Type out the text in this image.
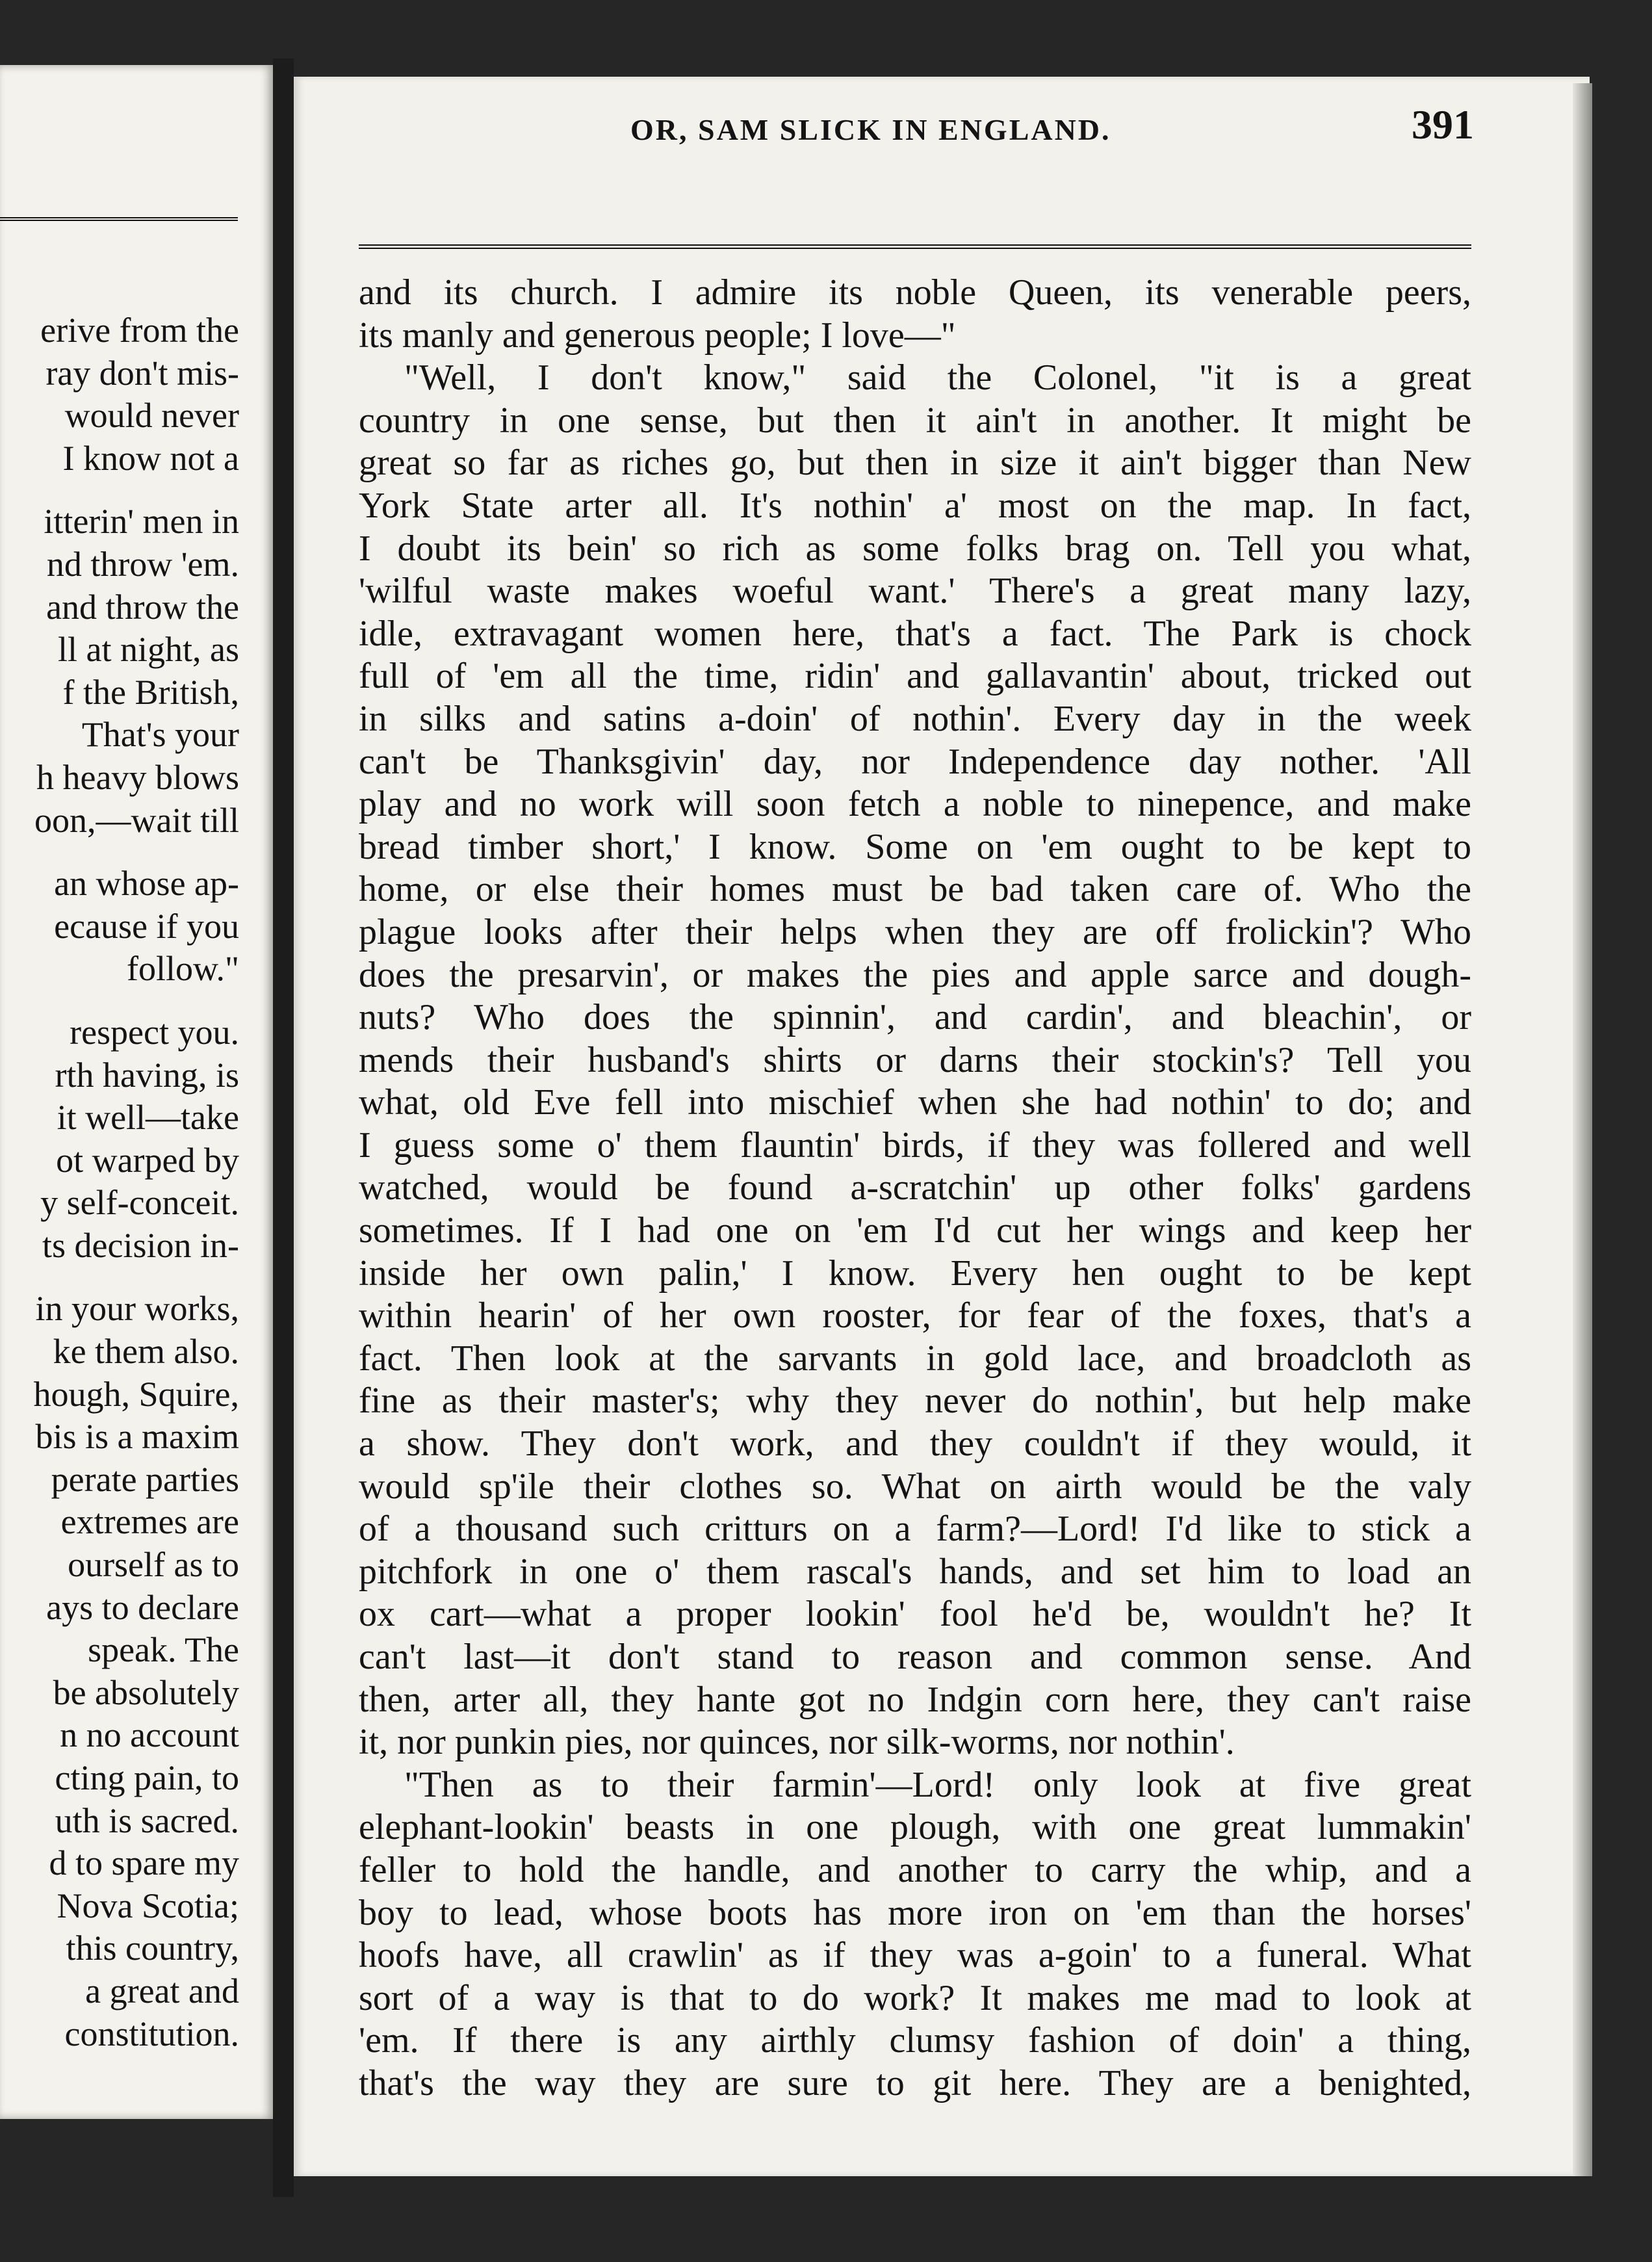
erive from the
ray don't mis-
would never
I know not a
itterin' men in
nd throw 'em.
and throw the
ll at night, as
f the British,
That's your
h heavy blows
oon,—wait till
an whose ap-
ecause if you
follow."
respect you.
rth having, is
it well—take
ot warped by
y self-conceit.
ts decision in-
in your works,
ke them also.
hough, Squire,
bis is a maxim
perate parties
extremes are
ourself as to
ays to declare
speak. The
be absolutely
n no account
cting pain, to
uth is sacred.
d to spare my
Nova Scotia;
this country,
a great and
constitution.
OR, SAM SLICK IN ENGLAND.	391
and its church. I admire its noble Queen, its venerable peers,
its manly and generous people; I love—"
"Well, I don't know," said the Colonel, "it is a great
country in one sense, but then it ain't in another. It might be
great so far as riches go, but then in size it ain't bigger than New
York State arter all. It's nothin' a' most on the map. In fact,
I doubt its bein' so rich as some folks brag on. Tell you what,
'wilful waste makes woeful want.' There's a great many lazy,
idle, extravagant women here, that's a fact. The Park is chock
full of 'em all the time, ridin' and gallavantin' about, tricked out
in silks and satins a-doin' of nothin'. Every day in the week
can't be Thanksgivin' day, nor Independence day nother. 'All
play and no work will soon fetch a noble to ninepence, and make
bread timber short,' I know. Some on 'em ought to be kept to
home, or else their homes must be bad taken care of. Who the
plague looks after their helps when they are off frolickin'? Who
does the presarvin', or makes the pies and apple sarce and dough-
nuts? Who does the spinnin', and cardin', and bleachin', or
mends their husband's shirts or darns their stockin's? Tell you
what, old Eve fell into mischief when she had nothin' to do; and
I guess some o' them flauntin' birds, if they was follered and well
watched, would be found a-scratchin' up other folks' gardens
sometimes. If I had one on 'em I'd cut her wings and keep her
inside her own palin,' I know. Every hen ought to be kept
within hearin' of her own rooster, for fear of the foxes, that's a
fact. Then look at the sarvants in gold lace, and broadcloth as
fine as their master's; why they never do nothin', but help make
a show. They don't work, and they couldn't if they would, it
would sp'ile their clothes so. What on airth would be the valy
of a thousand such critturs on a farm?—Lord! I'd like to stick a
pitchfork in one o' them rascal's hands, and set him to load an
ox cart—what a proper lookin' fool he'd be, wouldn't he? It
can't last—it don't stand to reason and common sense. And
then, arter all, they hante got no Indgin corn here, they can't raise
it, nor punkin pies, nor quinces, nor silk-worms, nor nothin'.
"Then as to their farmin'—Lord! only look at five great
elephant-lookin' beasts in one plough, with one great lummakin'
feller to hold the handle, and another to carry the whip, and a
boy to lead, whose boots has more iron on 'em than the horses'
hoofs have, all crawlin' as if they was a-goin' to a funeral. What
sort of a way is that to do work? It makes me mad to look at
'em. If there is any airthly clumsy fashion of doin' a thing,
that's the way they are sure to git here. They are a benighted,
